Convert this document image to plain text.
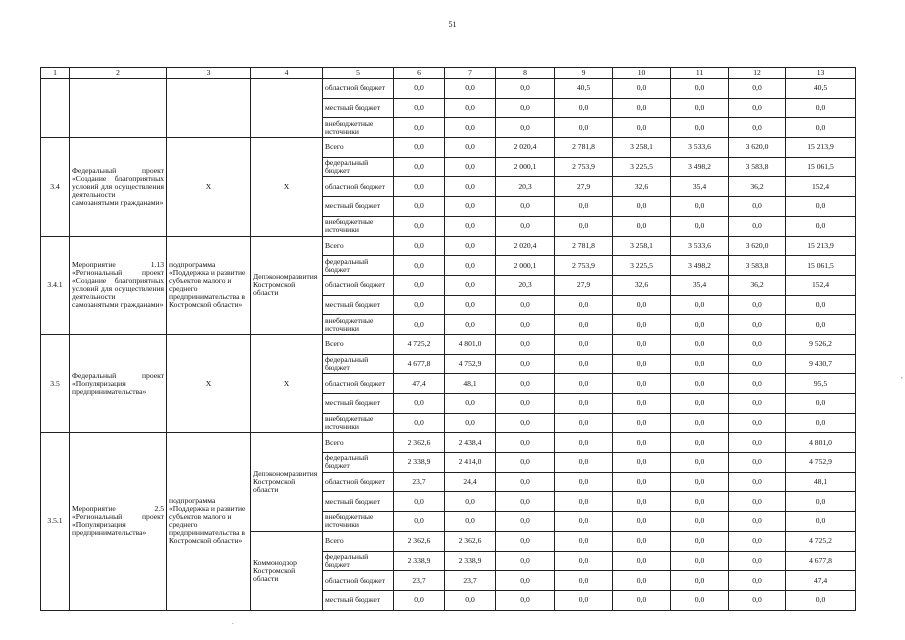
51
1	2	3	4	5	6	7	8	9	10	11	12	13
				областной бюджет	0,0	0,0	0,0	40,5	0,0	0,0	0,0	40,5
				местный бюджет	0,0	0,0	0,0	0,0	0,0	0,0	0,0	0,0
				внебюджетные источники	0,0	0,0	0,0	0,0	0,0	0,0	0,0	0,0
3.4	Федеральный проект «Создание благоприятных условий для осуществления деятельности самозанятыми гражданами»	Х	Х	Всего	0,0	0,0	2 020,4	2 781,8	3 258,1	3 533,6	3 620,0	15 213,9
				федеральный бюджет	0,0	0,0	2 000,1	2 753,9	3 225,5	3 498,2	3 583,8	15 061,5
				областной бюджет	0,0	0,0	20,3	27,9	32,6	35,4	36,2	152,4
				местный бюджет	0,0	0,0	0,0	0,0	0,0	0,0	0,0	0,0
				внебюджетные источники	0,0	0,0	0,0	0,0	0,0	0,0	0,0	0,0
3.4.1	Мероприятие 1.13 «Региональный проект «Создание благоприятных условий для осуществления деятельности самозанятыми гражданами»	подпрограмма «Поддержка и развитие субъектов малого и среднего предпринимательства в Костромской области»	Депэкономразвития Костромской области	Всего	0,0	0,0	2 020,4	2 781,8	3 258,1	3 533,6	3 620,0	15 213,9
				федеральный бюджет	0,0	0,0	2 000,1	2 753,9	3 225,5	3 498,2	3 583,8	15 061,5
				областной бюджет	0,0	0,0	20,3	27,9	32,6	35,4	36,2	152,4
				местный бюджет	0,0	0,0	0,0	0,0	0,0	0,0	0,0	0,0
				внебюджетные источники	0,0	0,0	0,0	0,0	0,0	0,0	0,0	0,0
3.5	Федеральный проект «Популяризация предпринимательства»	Х	Х	Всего	4 725,2	4 801,0	0,0	0,0	0,0	0,0	0,0	9 526,2
				федеральный бюджет	4 677,8	4 752,9	0,0	0,0	0,0	0,0	0,0	9 430,7
				областной бюджет	47,4	48,1	0,0	0,0	0,0	0,0	0,0	95,5
				местный бюджет	0,0	0,0	0,0	0,0	0,0	0,0	0,0	0,0
				внебюджетные источники	0,0	0,0	0,0	0,0	0,0	0,0	0,0	0,0
3.5.1	Мероприятие 2.5 «Региональный проект «Популяризация предпринимательства»	подпрограмма «Поддержка и развитие субъектов малого и среднего предпринимательства в Костромской области»	Депэкономразвития Костромской области	Всего	2 362,6	2 438,4	0,0	0,0	0,0	0,0	0,0	4 801,0
				федеральный бюджет	2 338,9	2 414,0	0,0	0,0	0,0	0,0	0,0	4 752,9
				областной бюджет	23,7	24,4	0,0	0,0	0,0	0,0	0,0	48,1
				местный бюджет	0,0	0,0	0,0	0,0	0,0	0,0	0,0	0,0
				внебюджетные источники	0,0	0,0	0,0	0,0	0,0	0,0	0,0	0,0
			Коммонодзор Костромской области	Всего	2 362,6	2 362,6	0,0	0,0	0,0	0,0	0,0	4 725,2
				федеральный бюджет	2 338,9	2 338,9	0,0	0,0	0,0	0,0	0,0	4 677,8
				областной бюджет	23,7	23,7	0,0	0,0	0,0	0,0	0,0	47,4
				местный бюджет	0,0	0,0	0,0	0,0	0,0	0,0	0,0	0,0
,
.
